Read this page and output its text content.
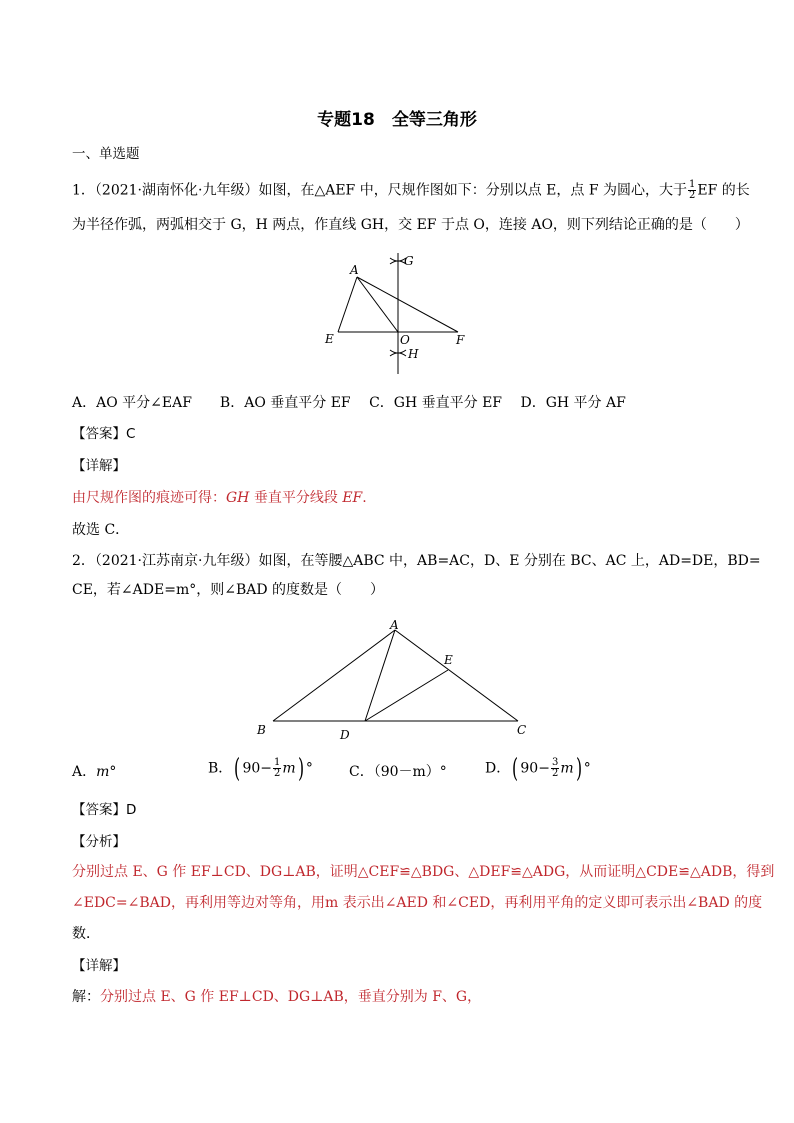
专题18　全等三角形
一、单选题
1．（2021·湖南怀化·九年级）如图，在△AEF 中，尺规作图如下：分别以点 E，点 F 为圆心，大于 $\frac{1}{2}$ EF 的长
为半径作弧，两弧相交于 G，H 两点，作直线 GH，交 EF 于点 O，连接 AO，则下列结论正确的是（　　）
A
E	F
G
H
O
A．AO 平分∠EAF　　B．AO 垂直平分 EF　 C．GH 垂直平分 EF　 D．GH 平分 AF
【答案】C
【详解】
由尺规作图的痕迹可得：GH 垂直平分线段 EF.
故选 C．
2．（2021·江苏南京·九年级）如图，在等腰△ABC 中，AB=AC，D、E 分别在 BC、AC 上，AD=DE，BD=
CE，若∠ADE=m°，则∠BAD 的度数是（　　）
A
B	C
D
E
A．m°	B．( $90- \frac{1}{2} m$) °	C．（90－m）°	D．( $90- \frac{3}{2} m$) °
【答案】D
【分析】
分别过点 E、G 作 EF⊥CD、DG⊥AB，证明△CEF≌△BDG、△DEF≌△ADG，从而证明△CDE≌△ADB，得到
∠EDC=∠BAD，再利用等边对等角，用m 表示出∠AED 和∠CED，再利用平角的定义即可表示出∠BAD 的度
数．
【详解】
解：分别过点 E、G 作 EF⊥CD、DG⊥AB，垂直分别为 F、G，
